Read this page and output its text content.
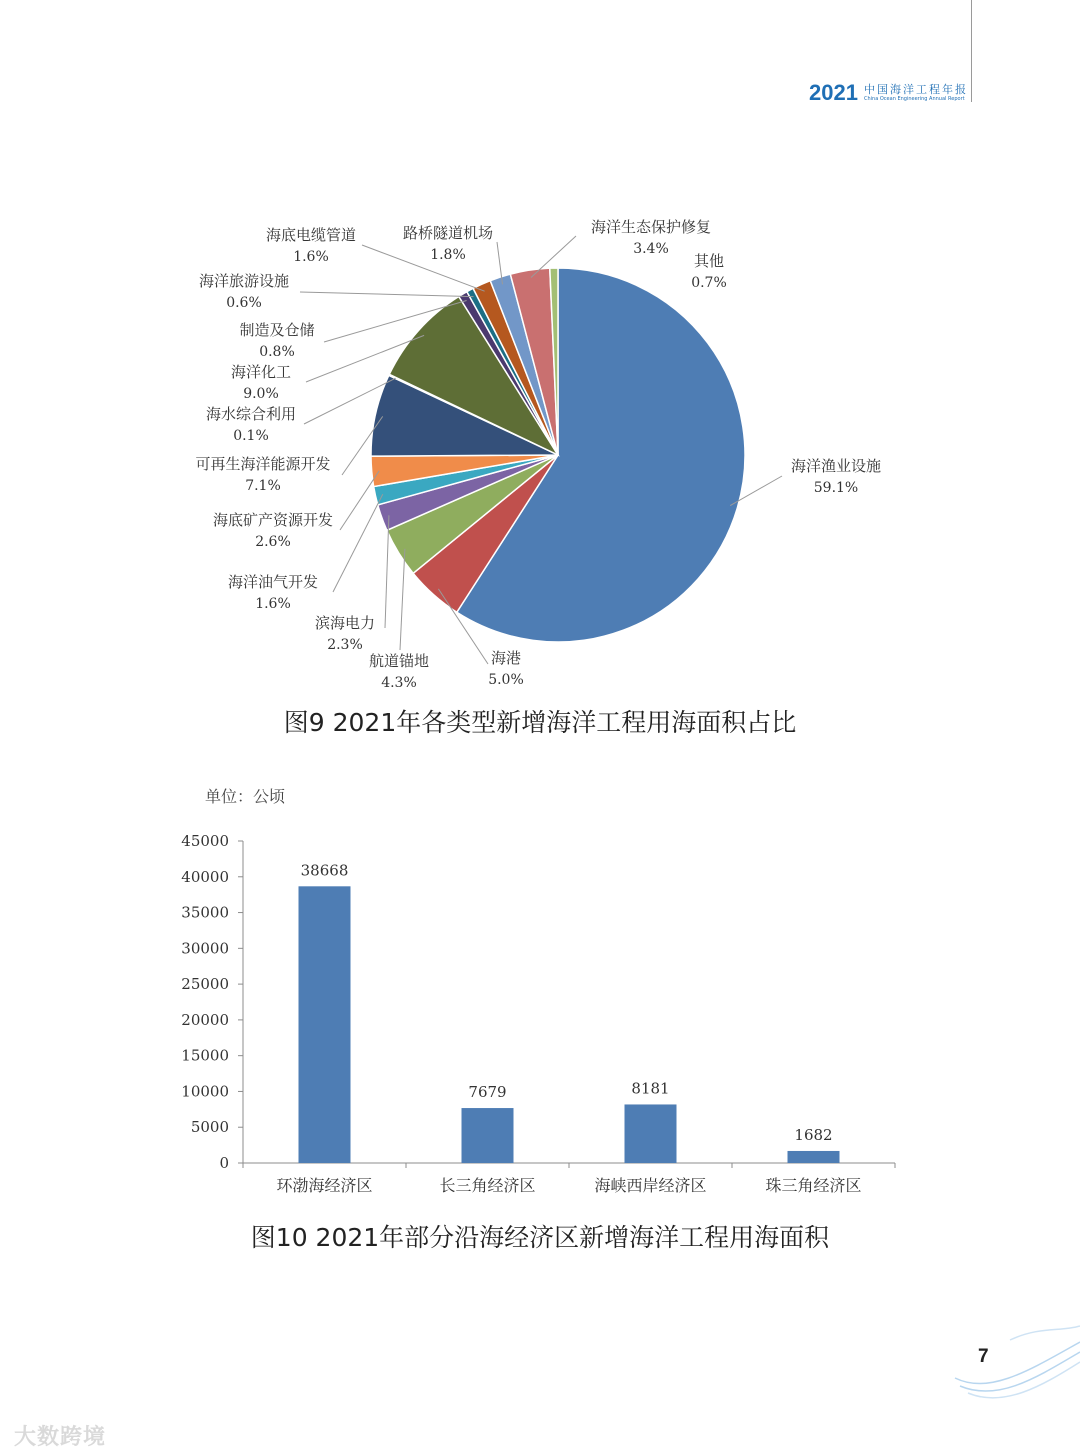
2021 中国海洋工程年报
China Ocean Engineering Annual Report
海洋渔业设施
59.1%
海港
5.0%
航道锚地
4.3%
滨海电力
2.3%
海洋油气开发
1.6%
海底矿产资源开发
2.6%
可再生海洋能源开发
7.1%
海水综合利用
0.1%
海洋化工
9.0%
制造及仓储
0.8%
海洋旅游设施
0.6%
海底电缆管道
1.6%
路桥隧道机场
1.8%
海洋生态保护修复
3.4%
其他
0.7%
图9 2021年各类型新增海洋工程用海面积占比
单位：公顷
0
5000
10000
15000
20000
25000
30000
35000
40000
45000
38668
环渤海经济区
7679
长三角经济区
8181
海峡西岸经济区
1682
珠三角经济区
图10 2021年部分沿海经济区新增海洋工程用海面积
7
大数跨境
